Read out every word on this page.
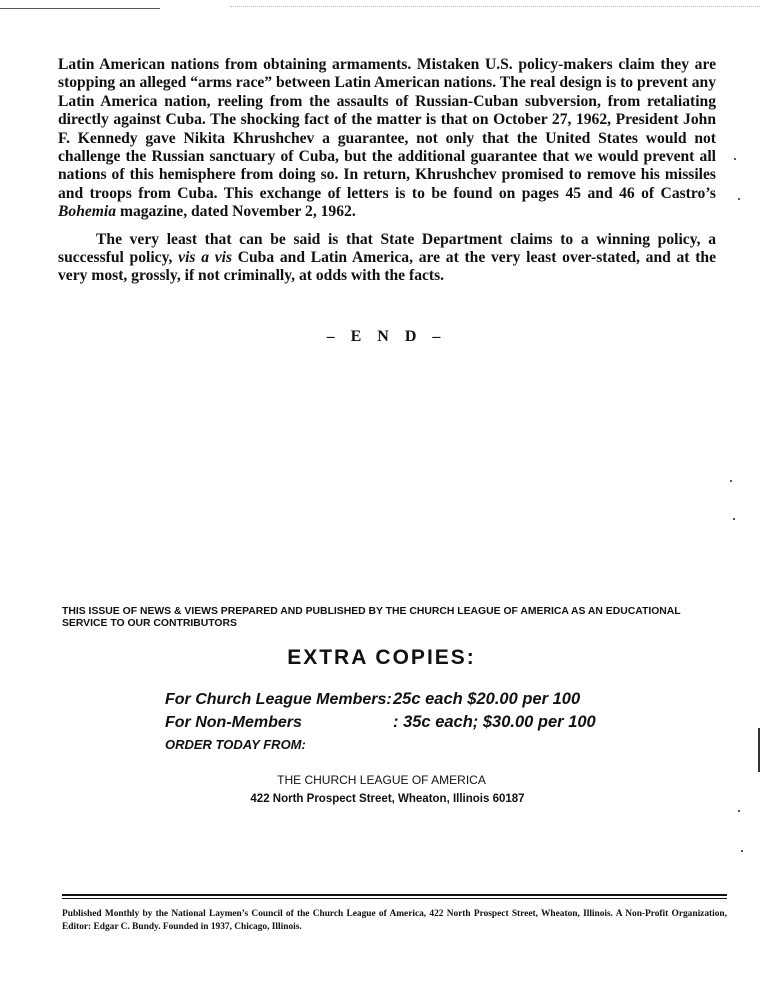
Latin American nations from obtaining armaments. Mistaken U.S. policy-makers claim they are stopping an alleged “arms race” between Latin American nations. The real design is to prevent any Latin America nation, reeling from the assaults of Russian-Cuban subversion, from retaliating directly against Cuba. The shocking fact of the matter is that on October 27, 1962, President John F. Kennedy gave Nikita Khrushchev a guarantee, not only that the United States would not challenge the Russian sanctuary of Cuba, but the additional guarantee that we would prevent all nations of this hemisphere from doing so. In return, Khrushchev promised to remove his missiles and troops from Cuba. This exchange of letters is to be found on pages 45 and 46 of Castro’s Bohemia magazine, dated November 2, 1962.

The very least that can be said is that State Department claims to a winning policy, a successful policy, vis a vis Cuba and Latin America, are at the very least over-stated, and at the very most, grossly, if not criminally, at odds with the facts.

– E N D –
THIS ISSUE OF NEWS & VIEWS PREPARED AND PUBLISHED BY THE CHURCH LEAGUE OF AMERICA AS AN EDUCATIONAL SERVICE TO OUR CONTRIBUTORS
EXTRA COPIES:
For Church League Members:25c each $20.00 per 100
For Non-Members	: 35c each; $30.00 per 100
ORDER TODAY FROM:
THE CHURCH LEAGUE OF AMERICA
422 North Prospect Street, Wheaton, Illinois 60187
Published Monthly by the National Laymen’s Council of the Church League of America, 422 North Prospect Street, Wheaton, Illinois. A Non-Profit Organization, Editor: Edgar C. Bundy. Founded in 1937, Chicago, Illinois.
